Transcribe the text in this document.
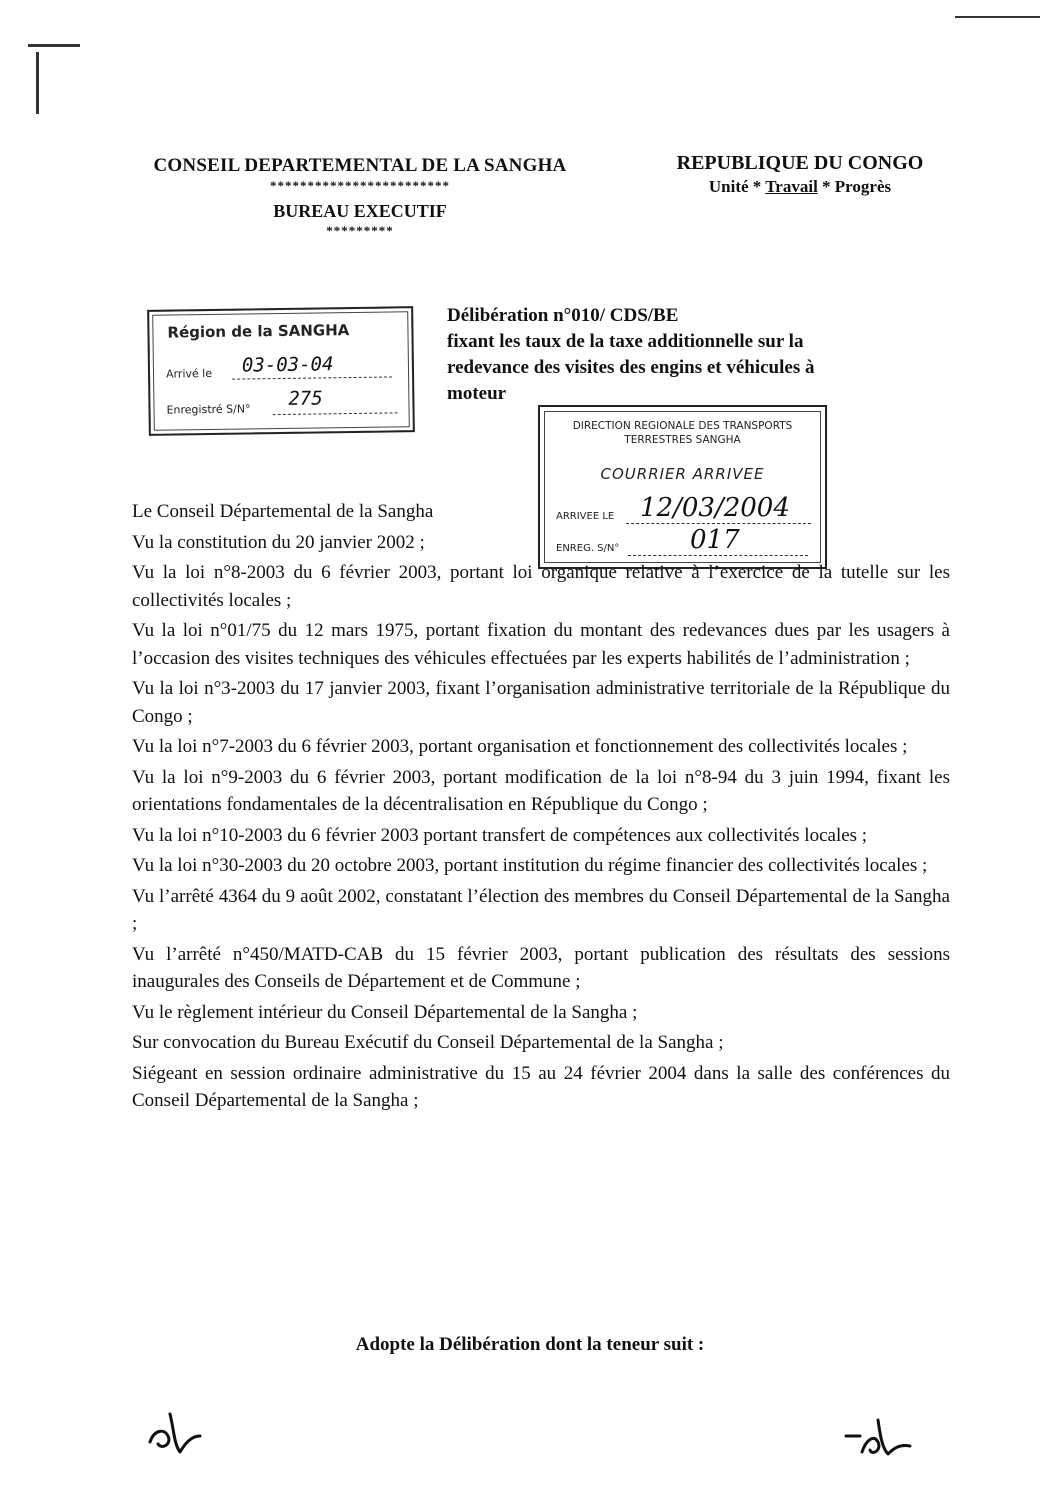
CONSEIL DEPARTEMENTAL DE LA SANGHA
************************
BUREAU EXECUTIF
*********
REPUBLIQUE DU CONGO
Unité * Travail * Progrès
Région de la SANGHA
Arrivé le 03-03-04
Enregistré S/N° 275
Délibération n°010/ CDS/BE
fixant les taux de la taxe additionnelle sur la
redevance des visites des engins et véhicules à
moteur
DIRECTION REGIONALE DES TRANSPORTS
TERRESTRES SANGHA
COURRIER ARRIVEE
ARRIVEE LE 12/03/2004
ENREG. S/N°	017

Le Conseil Départemental de la Sangha

Vu la constitution du 20 janvier 2002 ;

Vu la loi n°8-2003 du 6 février 2003, portant loi organique relative à l’exercice de la tutelle sur les collectivités locales ;

Vu la loi n°01/75 du 12 mars 1975, portant fixation du montant des redevances dues par les usagers à l’occasion des visites techniques des véhicules effectuées par les experts habilités de l’administration ;

Vu la loi n°3-2003 du 17 janvier 2003, fixant l’organisation administrative territoriale de la République du Congo ;

Vu la loi n°7-2003 du 6 février 2003, portant organisation et fonctionnement des collectivités locales ;

Vu la loi n°9-2003 du 6 février 2003, portant modification de la loi n°8-94 du 3 juin 1994, fixant les orientations fondamentales de la décentralisation en République du Congo ;

Vu la loi n°10-2003 du 6 février 2003 portant transfert de compétences aux collectivités locales ;

Vu la loi n°30-2003 du 20 octobre 2003, portant institution du régime financier des collectivités locales ;

Vu l’arrêté 4364 du 9 août 2002, constatant l’élection des membres du Conseil Départemental de la Sangha ;

Vu l’arrêté n°450/MATD-CAB du 15 février 2003, portant publication des résultats des sessions inaugurales des Conseils de Département et de Commune ;

Vu le règlement intérieur du Conseil Départemental de la Sangha ;

Sur convocation du Bureau Exécutif du Conseil Départemental de la Sangha ;

Siégeant en session ordinaire administrative du 15 au 24 février 2004 dans la salle des conférences du Conseil Départemental de la Sangha ;

Adopte la Délibération dont la teneur suit :
